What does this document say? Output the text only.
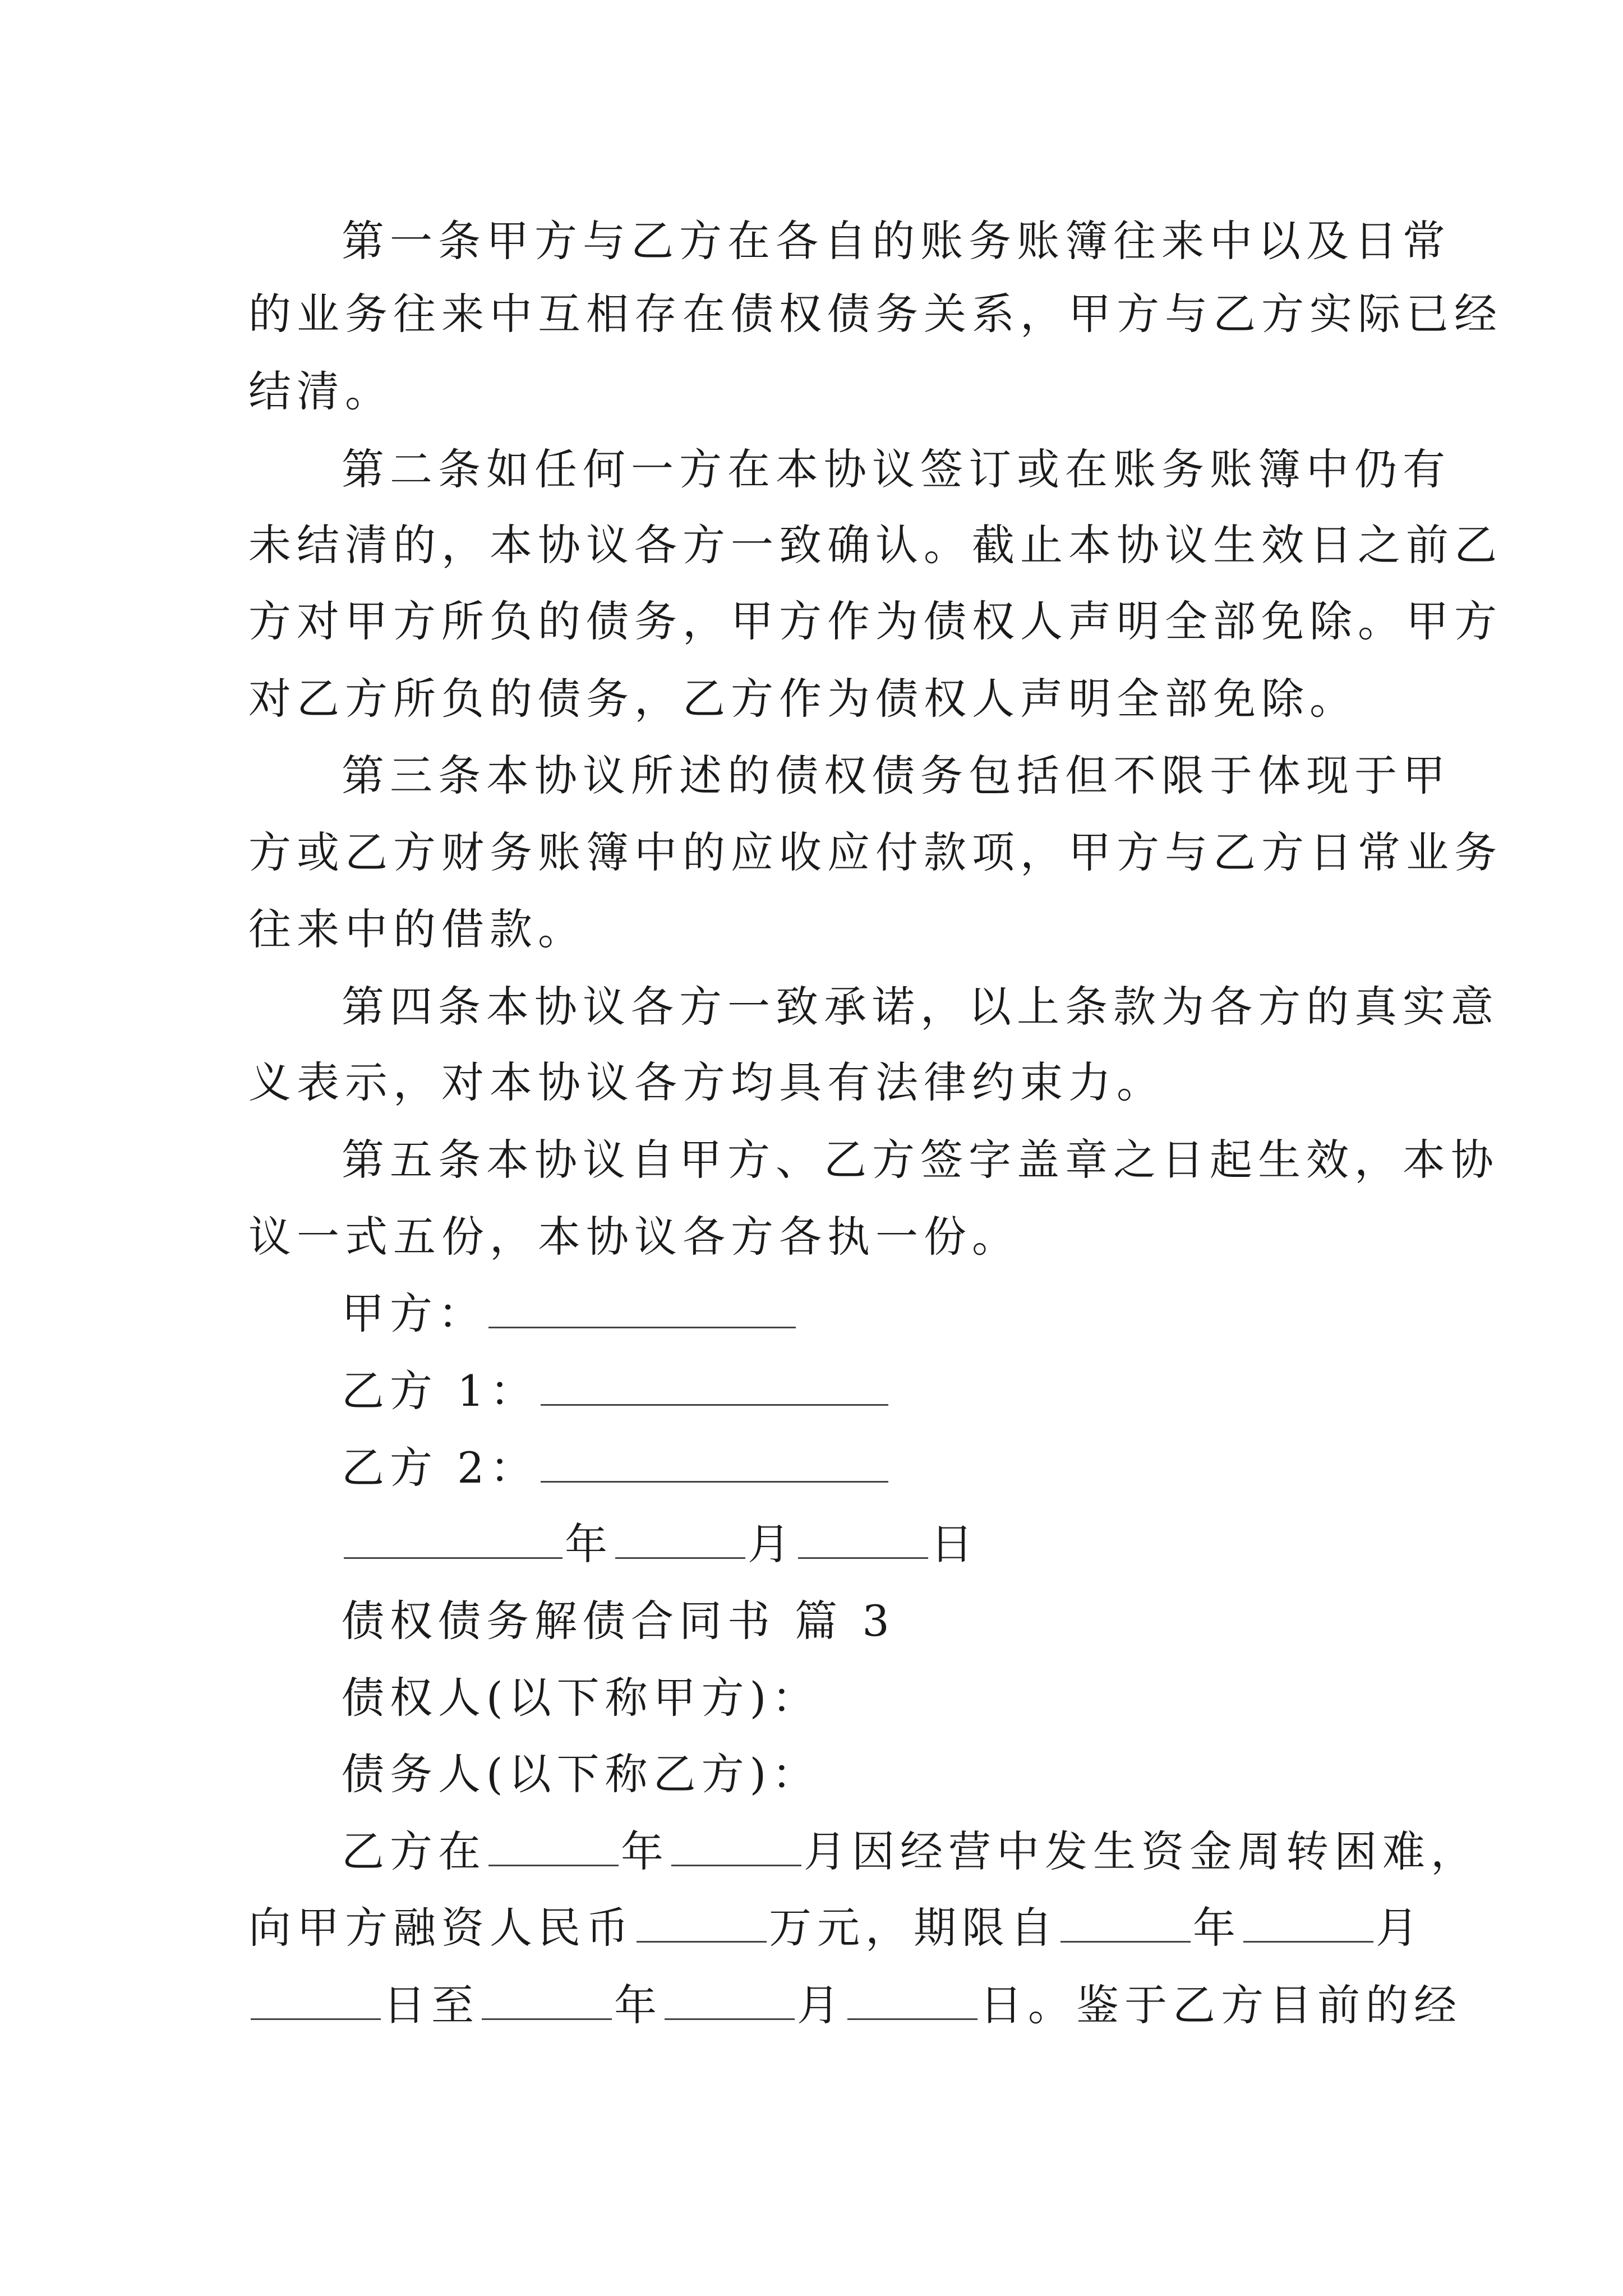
第一条甲方与乙方在各自的账务账簿往来中以及日常
的业务往来中互相存在债权债务关系，甲方与乙方实际已经
结清。
第二条如任何一方在本协议签订或在账务账簿中仍有
未结清的，本协议各方一致确认。截止本协议生效日之前乙
方对甲方所负的债务，甲方作为债权人声明全部免除。甲方
对乙方所负的债务，乙方作为债权人声明全部免除。
第三条本协议所述的债权债务包括但不限于体现于甲
方或乙方财务账簿中的应收应付款项，甲方与乙方日常业务
往来中的借款。
第四条本协议各方一致承诺，以上条款为各方的真实意
义表示，对本协议各方均具有法律约束力。
第五条本协议自甲方、乙方签字盖章之日起生效，本协
议一式五份，本协议各方各执一份。
甲方：
乙方 1：
乙方 2：
年	月	日
债权债务解债合同书 篇 3
债权人(以下称甲方)：
债务人(以下称乙方)：
乙方在	年	月因经营中发生资金周转困难，
向甲方融资人民币	万元，期限自	年	月
日至	年	月	日。鉴于乙方目前的经
